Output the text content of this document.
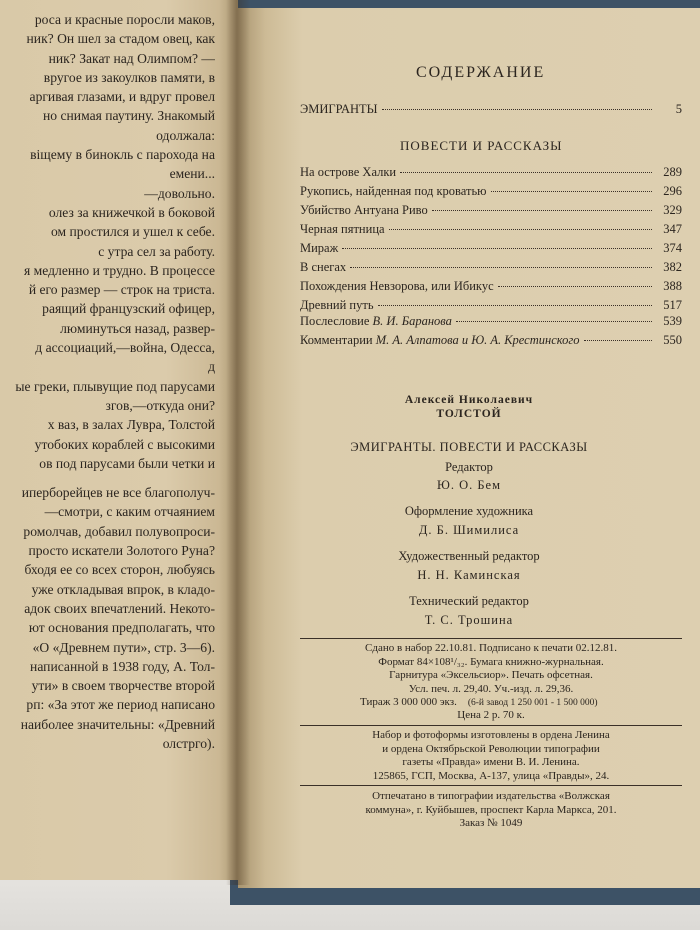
роса и красные поросли маков,
ник? Он шел за стадом овец, как
ник? Закат над Олимпом? —
вругое из закоулков памяти, в
аргивая глазами, и вдруг провел
но снимая паутину. Знакомый
одолжала:
віщему в бинокль с парохода на
емени...
—довольно.
олез за книжечкой в боковой
ом простился и ушел к себе.
с утра сел за работу.
я медленно и трудно. В процессе
й его размер — строк на триста.
раящий французский офицер,
люминуться назад, развер-
д ассоциаций,—война, Одесса,
д
ые греки, плывущие под парусами
згов,—откуда они?
х ваз, в залах Лувра, Толстой
утобоких кораблей с высокими
ов под парусами были четки и

иперборейцев не все благополуч-
—смотри, с каким отчаянием
ромолчав, добавил полувопроси-
просто искатели Золотого Руна?
бходя ее со всех сторон, любуясь
уже откладывая впрок, в кладо-
адок своих впечатлений. Некото-
ют основания предполагать, что
«О «Древнем пути», стр. 3—6).
написанной в 1938 году, А. Тол-
ути» в своем творчестве второй
рп: «За этот же период написано
наиболее значительны: «Древний
олстрго).
СОДЕРЖАНИЕ
ЭМИГРАНТЫ	5
ПОВЕСТИ И РАССКАЗЫ
На острове Халки	289
Рукопись, найденная под кроватью	296
Убийство Антуана Риво	329
Черная пятница	347
Мираж	374
В снегах	382
Похождения Невзорова, или Ибикус	388
Древний путь	517
Послесловие В. И. Баранова	539
Комментарии М. А. Алпатова и Ю. А. Крестинского	550
Алексей Николаевич
ТОЛСТОЙ
ЭМИГРАНТЫ. ПОВЕСТИ И РАССКАЗЫ
Редактор
Ю. О. Бем
Оформление художника
Д. Б. Шимилиса
Художественный редактор
Н. Н. Каминская
Технический редактор
Т. С. Трошина
Сдано в набор 22.10.81. Подписано к печати 02.12.81.
Формат 84×108¹/₃₂. Бумага книжно-журнальная.
Гарнитура «Эксельсиор». Печать офсетная.
Усл. печ. л. 29,40. Уч.-изд. л. 29,36.
Тираж 3 000 000 экз. (6-й завод 1 250 001 - 1 500 000)
Цена 2 р. 70 к.
Набор и фотоформы изготовлены в ордена Ленина
и ордена Октябрьской Революции типографии
газеты «Правда» имени В. И. Ленина.
125865, ГСП, Москва, А-137, улица «Правды», 24.
Отпечатано в типографии издательства «Волжская
коммуна», г. Куйбышев, проспект Карла Маркса, 201.
Заказ № 1049
